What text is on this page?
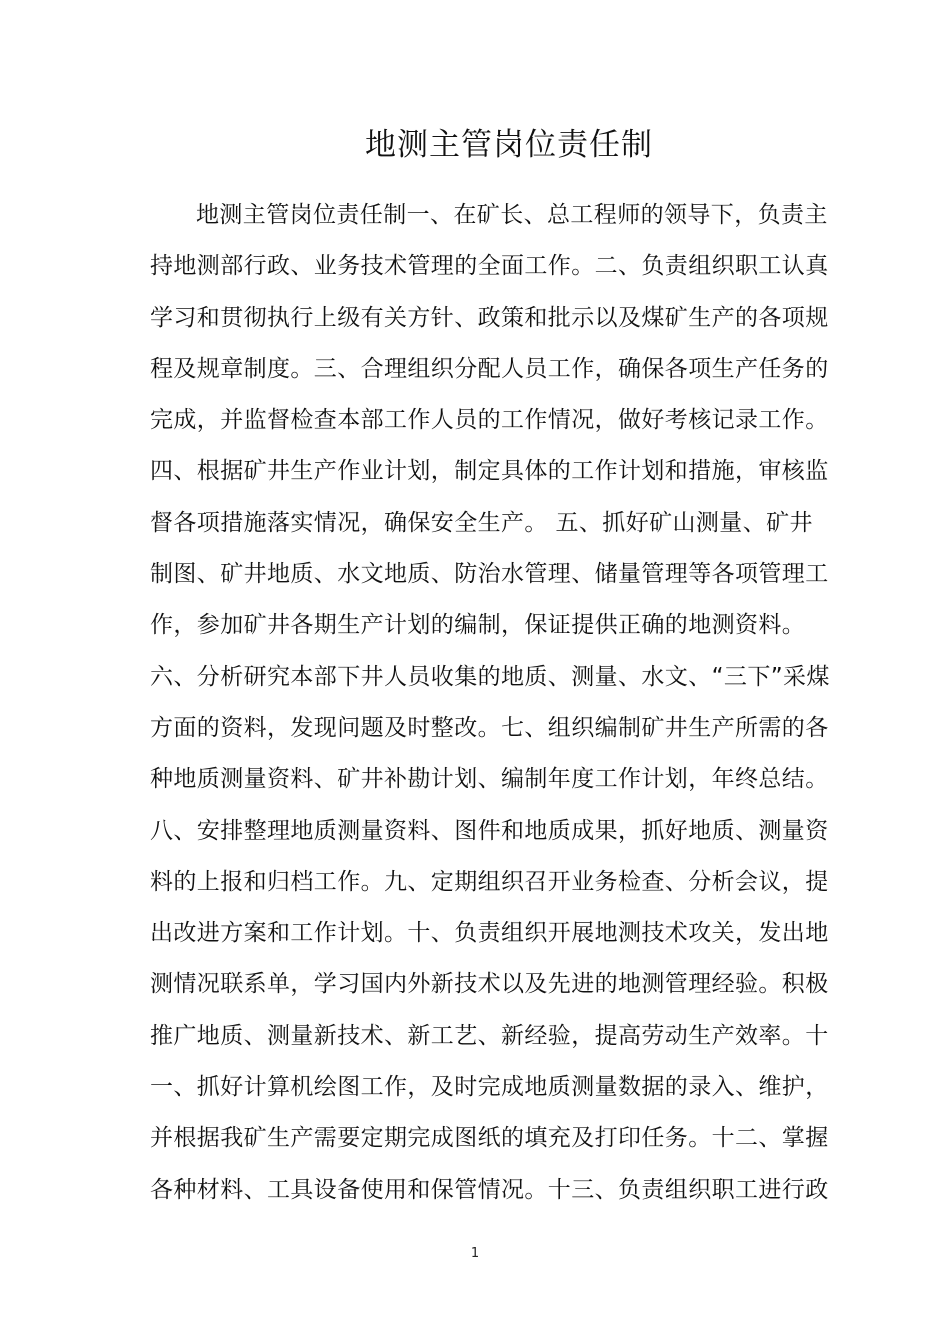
地测主管岗位责任制
地测主管岗位责任制一、在矿长、总工程师的领导下，负责主
持地测部行政、业务技术管理的全面工作。二、负责组织职工认真
学习和贯彻执行上级有关方针、政策和批示以及煤矿生产的各项规
程及规章制度。三、合理组织分配人员工作，确保各项生产任务的
完成，并监督检查本部工作人员的工作情况，做好考核记录工作。
四、根据矿井生产作业计划，制定具体的工作计划和措施，审核监
督各项措施落实情况，确保安全生产。 五、抓好矿山测量、矿井
制图、矿井地质、水文地质、防治水管理、储量管理等各项管理工
作，参加矿井各期生产计划的编制，保证提供正确的地测资料。
六、分析研究本部下井人员收集的地质、测量、水文、“三下”采煤
方面的资料，发现问题及时整改。七、组织编制矿井生产所需的各
种地质测量资料、矿井补勘计划、编制年度工作计划，年终总结。
八、安排整理地质测量资料、图件和地质成果，抓好地质、测量资
料的上报和归档工作。九、定期组织召开业务检查、分析会议，提
出改进方案和工作计划。十、负责组织开展地测技术攻关，发出地
测情况联系单，学习国内外新技术以及先进的地测管理经验。积极
推广地质、测量新技术、新工艺、新经验，提高劳动生产效率。十
一、抓好计算机绘图工作，及时完成地质测量数据的录入、维护，
并根据我矿生产需要定期完成图纸的填充及打印任务。十二、掌握
各种材料、工具设备使用和保管情况。十三、负责组织职工进行政
1
